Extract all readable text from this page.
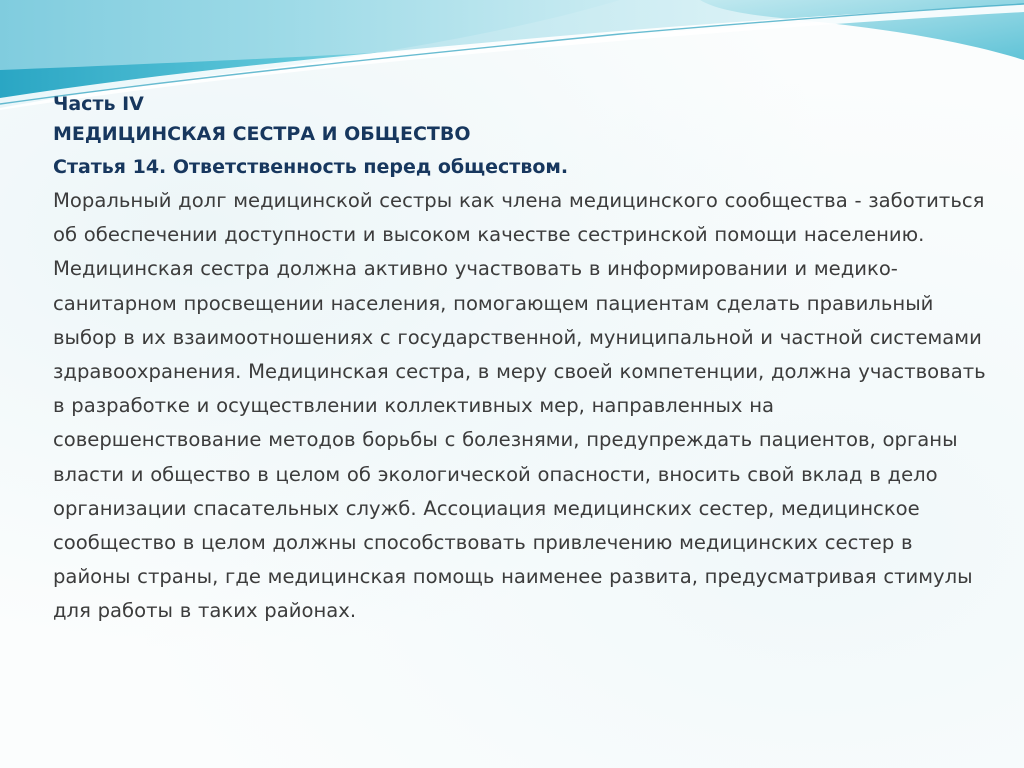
Часть IV

МЕДИЦИНСКАЯ СЕСТРА И ОБЩЕСТВО

Статья 14. Ответственность перед обществом.

Моральный долг медицинской сестры как члена медицинского сообщества - заботиться об обеспечении доступности и высоком качестве сестринской помощи населению. Медицинская сестра должна активно участвовать в информировании и медико-санитарном просвещении населения, помогающем пациентам сделать правильный выбор в их взаимоотношениях с государственной, муниципальной и частной системами здравоохранения. Медицинская сестра, в меру своей компетенции, должна участвовать в разработке и осуществлении коллективных мер, направленных на совершенствование методов борьбы с болезнями, предупреждать пациентов, органы власти и общество в целом об экологической опасности, вносить свой вклад в дело организации спасательных служб. Ассоциация медицинских сестер, медицинское сообщество в целом должны способствовать привлечению медицинских сестер в районы страны, где медицинская помощь наименее развита, предусматривая стимулы для работы в таких районах.
